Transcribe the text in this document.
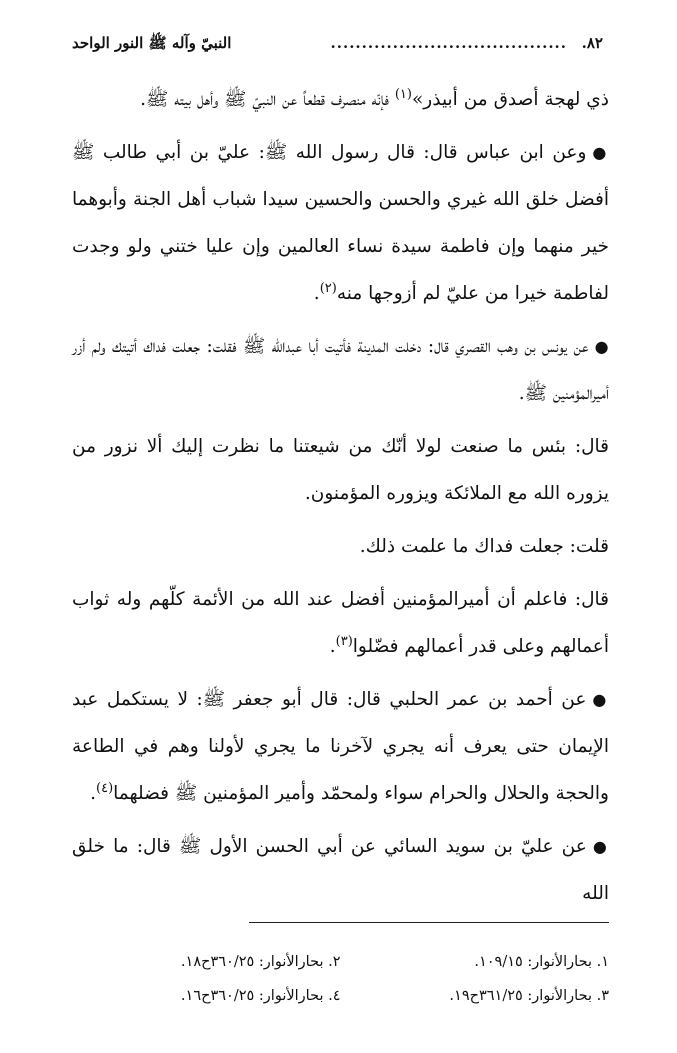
٨٢.
......................................
النبيّ وآله ﷺ النور الواحد

ذي لهجة أصدق من أبيذر»$^{(١)}$ فإنّه منصرف قطعاً عن النبيّ ﷺ وأهل بيته ﷺ.

●وعن ابن عباس قال: قال رسول الله ﷺ: عليّ بن أبي طالب ﷺ أفضل خلق الله غيري والحسن والحسين سيدا شباب أهل الجنة وأبوهما خير منهما وإن فاطمة سيدة نساء العالمين وإن عليا ختني ولو وجدت لفاطمة خيرا من عليّ لم أزوجها منه$^{(٢)}$.

●عن يونس بن وهب القصري قال: دخلت المدينة فأتيت أبا عبدالله ﷺ فقلت: جعلت فداك أتيتك ولم أزر أميرالمؤمنين ﷺ.

قال: بئس ما صنعت لولا أنّك من شيعتنا ما نظرت إليك ألا نزور من يزوره الله مع الملائكة ويزوره المؤمنون.

قلت: جعلت فداك ما علمت ذلك.

قال: فاعلم أن أميرالمؤمنين أفضل عند الله من الأئمة كلّهم وله ثواب أعمالهم وعلى قدر أعمالهم فضّلوا$^{(٣)}$.

●عن أحمد بن عمر الحلبي قال: قال أبو جعفر ﷺ: لا يستكمل عبد الإيمان حتى يعرف أنه يجري لآخرنا ما يجري لأولنا وهم في الطاعة والحجة والحلال والحرام سواء ولمحمّد وأمير المؤمنين ﷺ فضلهما$^{(٤)}$.

●عن عليّ بن سويد السائي عن أبي الحسن الأول ﷺ قال: ما خلق الله

١. بحارالأنوار: ١٠٩/١٥.
٢. بحارالأنوار: ٣٦٠/٢٥ح١٨.
٣. بحارالأنوار: ٣٦١/٢٥ح١٩.
٤. بحارالأنوار: ٣٦٠/٢٥ح١٦.
